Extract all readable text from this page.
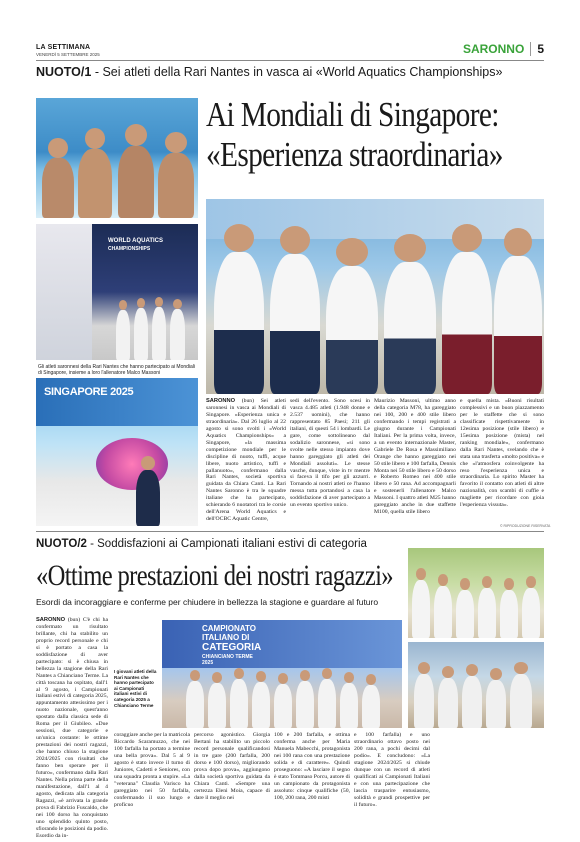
LA SETTIMANA
VENERDÌ 5 SETTEMBRE 2025	SARONNO	5
NUOTO/1 - Sei atleti della Rari Nantes in vasca ai «World Aquatics Championships»
Ai Mondiali di Singapore:
«Esperienza straordinaria»
WORLD AQUATICS
CHAMPIONSHIPS
Gli atleti saronnesi della Rari Nantes che hanno partecipato ai Mondiali di Singapore, insieme a loro l'allenatore Malco Massoni
SINGAPORE 2025
SARONNO (bun) Sei atleti saronnesi in vasca ai Mondiali di Singapore. «Esperienza unica e straordinaria». Dal 26 luglio al 22 agosto si sono svolti i «World Aquatics Championships» a Singapore, «la massima competizione mondiale per le discipline di nuoto, tuffi, acque libere, nuoto artistico, tuffi e pallanuoto», confermano dalla Rari Nantes, società sportiva guidata da Chiara Canti. La Rari Nantes Saronno è tra le squadre italiane che ha partecipato, schierando 6 nuotatori tra le corsie dell'Arena World Aquatics e dell'OCBC Aquatic Centre,
sedi dell'evento. Sono scesi in vasca 4.485 atleti (1.948 donne e 2.537 uomini), che hanno rappresentato 85 Paesi; 211 gli italiani, di questi 54 i lombardi. Le gare, come sottolineano dal sodalizio saronnese, «si sono svolte nelle stesso impianto dove hanno gareggiato gli atleti dei Mondiali assoluti». Le stesse vasche, dunque, viste in tv mentre si faceva il tifo per gli azzurri. Tornando ai nostri atleti ce l'hanno messa tutta portandosi a casa la soddisfazione di aver partecipato a un evento sportivo unico.
Maurizio Massoni, ultimo anno della categoria M78, ha gareggiato nei 100, 200 e 400 stile libero confermando i tempi registrati a giugno durante i Campionati Italiani. Per la prima volta, invece, a un evento internazionale Master, Gabriele De Rosa e Massimiliano Orange che hanno gareggiato nei 50 stile libero e 100 farfalla, Dennis Monta nei 50 stile libero e 50 dorso e Roberto Romeo nei 400 stile libero e 50 rana. Ad accompagnarli e sostenerli l'allenatore Malco Massoni. I quattro atleti M25 hanno gareggiato anche in due staffette M100, quella stile libero
e quella mista. «Buoni risultati complessivi e un buon piazzamento per le staffette che si sono classificate rispettivamente in 12esima posizione (stile libero) e 15esima posizione (mista) nel ranking mondiale», confermano dalla Rari Nantes, svelando che è stata una trasferta «molto positiva» e che «l'atmosfera coinvolgente ha reso l'esperienza unica e straordinaria. Lo spirito Master ha favorito il contatto con atleti di altre nazionalità, con scambi di cuffie e magliette per ricordare con gioia l'esperienza vissuta».
© RIPRODUZIONE RISERVATA
NUOTO/2 - Soddisfazioni ai Campionati italiani estivi di categoria
«Ottime prestazioni dei nostri ragazzi»
Esordi da incoraggiare e conferme per chiudere in bellezza la stagione e guardare al futuro
SARONNO (bun) C'è chi ha confermato un risultato brillante, chi ha stabilito un proprio record personale e chi si è portato a casa la soddisfazione di aver partecipato: si è chiusa in bellezza la stagione della Rari Nantes a Chianciano Terme. La città toscana ha ospitato, dall'1 al 9 agosto, i Campionati italiani estivi di categoria 2025, appuntamento attesissimo per i nuoto nazionale, quest'anno spostato dalla classica sede di Roma per il Giubileo. «Due sessioni, due categorie e un'unica costante: le ottime prestazioni dei nostri ragazzi, che hanno chiuso la stagione 2024/2025 con risultati che fanno ben sperare per il futuro», confermano dalla Rari Nantes. Nella prima parte della manifestazione, dall'1 al 4 agosto, dedicata alla categoria Ragazzi, «è arrivata la grande prova di Fabrizio Fuscaldo, che nei 100 dorso ha conquistato uno splendido quinto posto, sfiorando le posizioni da podio. Esordio da in-
I giovani atleti della Rari Nantes che hanno partecipato ai Campionati italiani estivi di categoria 2025 a Chianciano Terme
CAMPIONATO
ITALIANO DI
CATEGORIA
CHIANCIANO TERME
2025
coraggiare anche per la matricola Riccardo Scaramuzzo, che nei 100 farfalla ha portato a termine una bella prova». Dal 5 al 9 agosto è stato invece il turno di Juniores, Cadetti e Seniores, con una squadra pronta a stupire. «La "veterana" Claudia Varisco ha gareggiato nei 50 farfalla, confermando il suo lungo e proficuo
percorso agonistico. Giorgia Bertani ha stabilito un piccolo record personale qualificandosi in tre gare (200 farfalla, 200 dorso e 100 dorso), migliorando prova dopo prova», aggiungono dalla società sportiva guidata da Chiara Canti. «Sempre una certezza Eleni Moia, capace di dare il meglio nei
100 e 200 farfalla, e ottima conferma anche per Maria Manuela Mabecchi, protagonista nei 100 rana con una prestazione solida e di carattere». Quindi proseguono: «A lasciare il segno è stato Tommaso Porcu, autore di un campionato da protagonista assoluto: cinque qualifiche (50, 100, 200 rana, 200 misti
e 100 farfalla) e uno straordinario ottavo posto nei 200 rana, a pochi decimi dal podio». E concludono: «La stagione 2024/2025 si chiude dunque con un record di atleti qualificati ai Campionati Italiani e con una partecipazione che lascia trasparire entusiasmo, solidità e grandi prospettive per il futuro».
